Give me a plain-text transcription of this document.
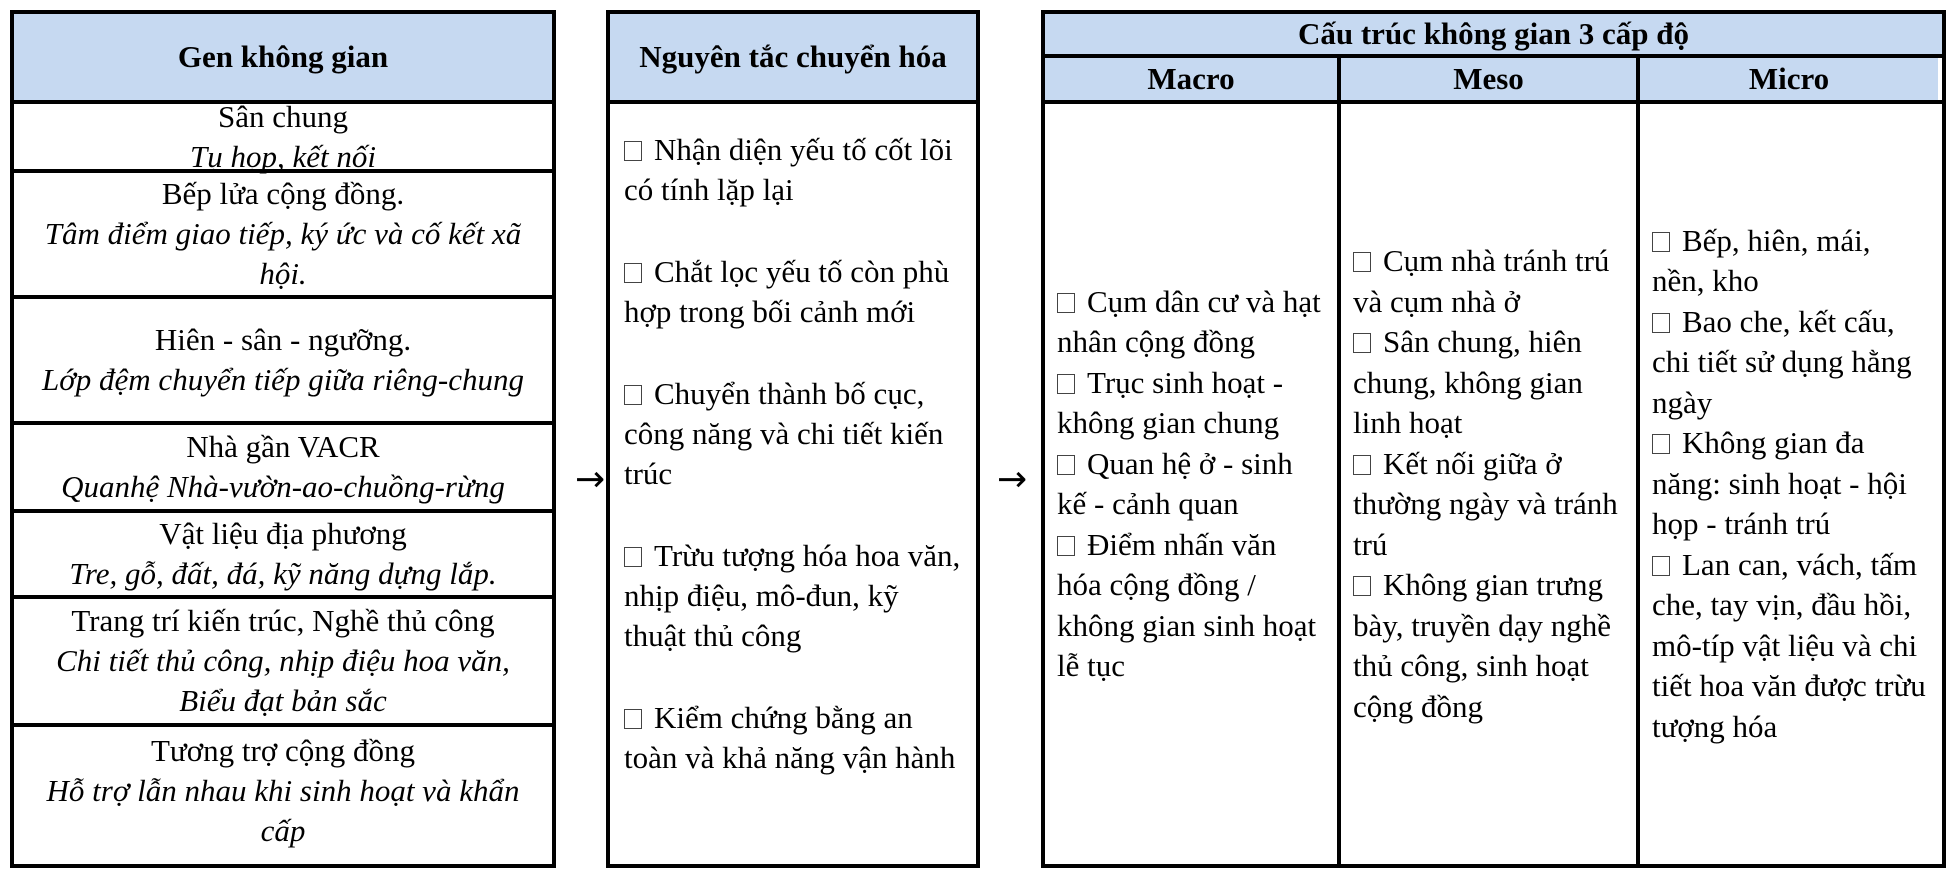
Gen không gian
Sân chung
Tụ họp, kết nối
Bếp lửa cộng đồng.
Tâm điểm giao tiếp, ký ức và cố kết xã hội.
Hiên - sân - ngưỡng.
Lớp đệm chuyển tiếp giữa riêng-chung
Nhà gần VACR
Quanhệ Nhà-vườn-ao-chuồng-rừng
Vật liệu địa phương
Tre, gỗ, đất, đá, kỹ năng dựng lắp.
Trang trí kiến trúc, Nghề thủ công
Chi tiết thủ công, nhịp điệu hoa văn, Biểu đạt bản sắc
Tương trợ cộng đồng
Hỗ trợ lẫn nhau khi sinh hoạt và khẩn cấp
→
Nguyên tắc chuyển hóa
Nhận diện yếu tố cốt lõi có tính lặp lại
Chắt lọc yếu tố còn phù hợp trong bối cảnh mới
Chuyển thành bố cục, công năng và chi tiết kiến trúc
Trừu tượng hóa hoa văn, nhịp điệu, mô-đun, kỹ thuật thủ công
Kiểm chứng bằng an toàn và khả năng vận hành
→
Cấu trúc không gian 3 cấp độ
Macro	Meso	Micro
Cụm dân cư và hạt nhân cộng đồng
Trục sinh hoạt - không gian chung
Quan hệ ở - sinh kế - cảnh quan
Điểm nhấn văn hóa cộng đồng / không gian sinh hoạt lễ tục
Cụm nhà tránh trú và cụm nhà ở
Sân chung, hiên chung, không gian linh hoạt
Kết nối giữa ở thường ngày và tránh trú
Không gian trưng bày, truyền dạy nghề thủ công, sinh hoạt cộng đồng
Bếp, hiên, mái, nền, kho
Bao che, kết cấu, chi tiết sử dụng hằng ngày
Không gian đa năng: sinh hoạt - hội họp - tránh trú
Lan can, vách, tấm che, tay vịn, đầu hồi, mô-típ vật liệu và chi tiết hoa văn được trừu tượng hóa
